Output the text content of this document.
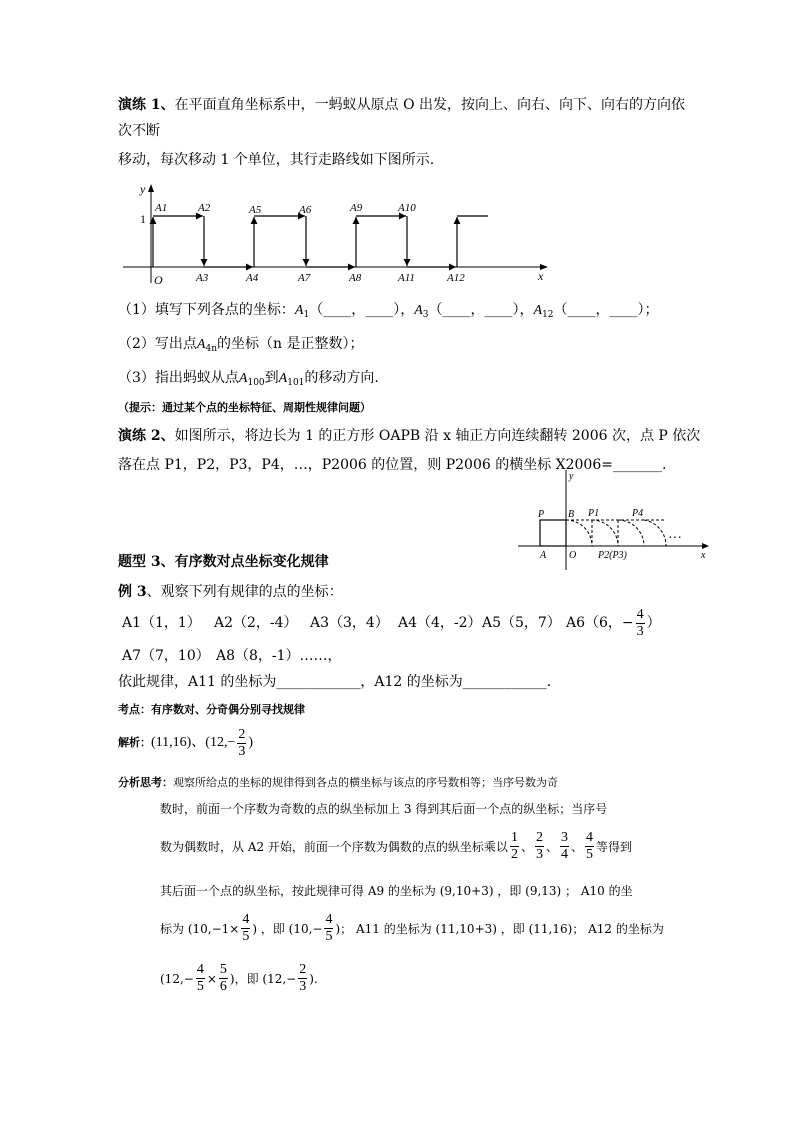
演练 1、在平面直角坐标系中，一蚂蚁从原点 O 出发，按向上、向右、向下、向右的方向依
次不断
移动，每次移动 1 个单位，其行走路线如下图所示.
y
x
O
1
A1	A2	A5	A6	A9	A10
A3	A4	A7	A8	A11	A12
（1）填写下列各点的坐标：$A_1(\_\_\_\_$，____），$A_3(\_\_\_\_$，____），$A_{12}(\_\_\_\_$，____）；
（2）写出点$A_{4n}$的坐标（n 是正整数）；
（3）指出蚂蚁从点$A_{100}$到$A_{101}$的移动方向.
（提示：通过某个点的坐标特征、周期性规律问题）
演练 2、如图所示，将边长为 1 的正方形 OAPB 沿 x 轴正方向连续翻转 2006 次，点 P 依次
落在点 P1，P2，P3，P4，…，P2006 的位置，则 P2006 的横坐标 X2006=_______.
P B P1	P4
A O P2(P3)	x
y
…
题型 3、有序数对点坐标变化规律
例 3、观察下列有规律的点的坐标：
A1（1，1） A2（2，-4） A3（3，4） A4（4，-2） A5（5，7） A6（6，− $\frac{4}{3}$ ）
A7（7，10） A8（8，-1）……，
依此规律，A11 的坐标为____________，A12 的坐标为____________.
考点：有序数对、分奇偶分别寻找规律
解析： (11,16)、($12,- \frac{2}{3}$ )
分析思考：观察所给点的坐标的规律得到各点的横坐标与该点的序号数相等；当序号数为奇
数时，前面一个序数为奇数的点的纵坐标加上 3 得到其后面一个点的纵坐标；当序号
数为偶数时，从 A2 开始，前面一个序数为偶数的点的纵坐标乘以 $\frac{1}{2}$ 、 $\frac{2}{3}$ 、 $\frac{3}{4}$ 、 $\frac{4}{5}$ 等得到
其后面一个点的纵坐标，按此规律可得 A9 的坐标为 (9,10+3) ，即 (9,13) ； A10 的坐
标为 ($10,-1\times \frac{4}{5}$ ) ，即 ($10,- \frac{4}{5}$ )； A11 的坐标为 (11,10+3) ，即 (11,16)； A12 的坐标为
($12,- \frac{4}{5} \times \frac{5}{6}$ )，即 ($12,- \frac{2}{3}$ ).
